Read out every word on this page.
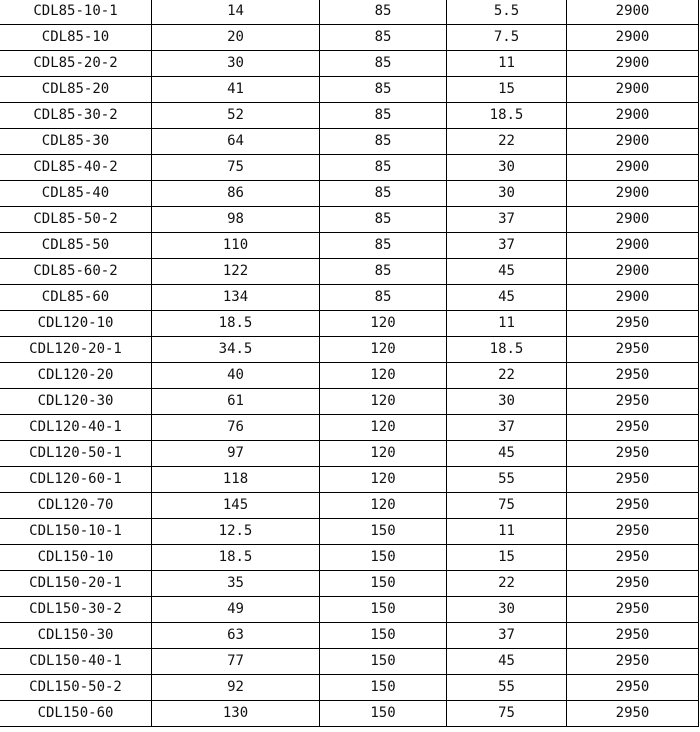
CDL85-10-1	14	85	5.5	2900
CDL85-10	20	85	7.5	2900
CDL85-20-2	30	85	11	2900
CDL85-20	41	85	15	2900
CDL85-30-2	52	85	18.5	2900
CDL85-30	64	85	22	2900
CDL85-40-2	75	85	30	2900
CDL85-40	86	85	30	2900
CDL85-50-2	98	85	37	2900
CDL85-50	110	85	37	2900
CDL85-60-2	122	85	45	2900
CDL85-60	134	85	45	2900
CDL120-10	18.5	120	11	2950
CDL120-20-1	34.5	120	18.5	2950
CDL120-20	40	120	22	2950
CDL120-30	61	120	30	2950
CDL120-40-1	76	120	37	2950
CDL120-50-1	97	120	45	2950
CDL120-60-1	118	120	55	2950
CDL120-70	145	120	75	2950
CDL150-10-1	12.5	150	11	2950
CDL150-10	18.5	150	15	2950
CDL150-20-1	35	150	22	2950
CDL150-30-2	49	150	30	2950
CDL150-30	63	150	37	2950
CDL150-40-1	77	150	45	2950
CDL150-50-2	92	150	55	2950
CDL150-60	130	150	75	2950
